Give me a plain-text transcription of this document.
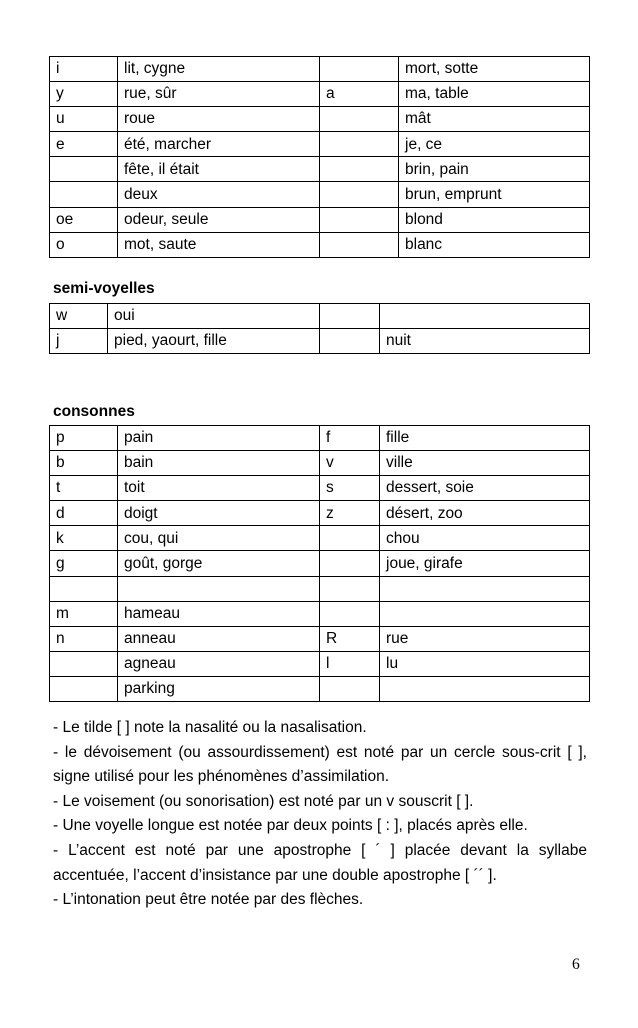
i	lit, cygne		mort, sotte
y	rue, sûr	a	ma, table
u	roue		mât
e	été, marcher		je, ce
	fête, il était		brin, pain
	deux		brun, emprunt
oe	odeur, seule		blond
o	mot, saute		blanc
semi-voyelles
w	oui		
j	pied, yaourt, fille		nuit
consonnes
p	pain	f	fille
b	bain	v	ville
t	toit	s	dessert, soie
d	doigt	z	désert, zoo
k	cou, qui		chou
g	goût, gorge		joue, girafe

m	hameau		
n	anneau	R	rue
	agneau	l	lu
	parking		

- Le tilde [ ] note la nasalité ou la nasalisation.

- le dévoisement (ou assourdissement) est noté par un cercle sous-crit [ ], signe utilisé pour les phénomènes d’assimilation.

- Le voisement (ou sonorisation) est noté par un v souscrit [ ].

- Une voyelle longue est notée par deux points [ : ], placés après elle.

- L’accent est noté par une apostrophe [ ´ ] placée devant la syllabe accentuée, l’accent d’insistance par une double apostrophe [ ´´ ].

- L’intonation peut être notée par des flèches.

6
